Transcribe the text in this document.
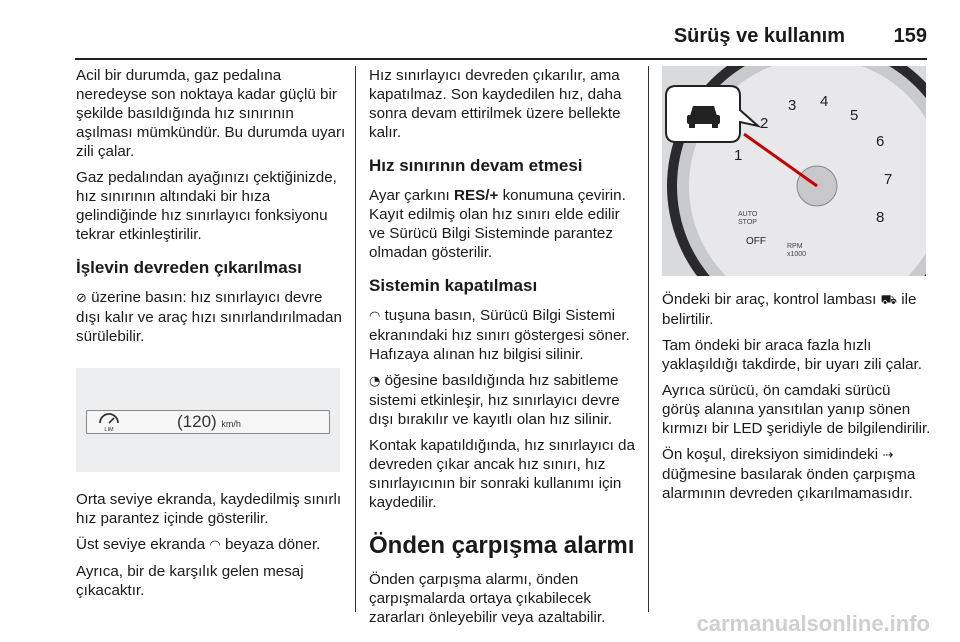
Sürüş ve kullanım 159

Acil bir durumda, gaz pedalına neredeyse son noktaya kadar güçlü bir şekilde basıldığında hız sınırının aşılması mümkündür. Bu durumda uyarı zili çalar.

Gaz pedalından ayağınızı çektiğinizde, hız sınırının altındaki bir hıza gelindiğinde hız sınırlayıcı fonksiyonu tekrar etkinleştirilir.

İşlevin devreden çıkarılması

⊘ üzerine basın: hız sınırlayıcı devre dışı kalır ve araç hızı sınırlandırılmadan sürülebilir.

LIM	(120) km/h

Orta seviye ekranda, kaydedilmiş sınırlı hız parantez içinde gösterilir.

Üst seviye ekranda ◠ beyaza döner.

Ayrıca, bir de karşılık gelen mesaj çıkacaktır.

Hız sınırlayıcı devreden çıkarılır, ama kapatılmaz. Son kaydedilen hız, daha sonra devam ettirilmek üzere bellekte kalır.

Hız sınırının devam etmesi

Ayar çarkını RES/+ konumuna çevirin. Kayıt edilmiş olan hız sınırı elde edilir ve Sürücü Bilgi Sisteminde parantez olmadan gösterilir.

Sistemin kapatılması

◠ tuşuna basın, Sürücü Bilgi Sistemi ekranındaki hız sınırı göstergesi söner. Hafızaya alınan hız bilgisi silinir.

◔ öğesine basıldığında hız sabitleme sistemi etkinleşir, hız sınırlayıcı devre dışı bırakılır ve kayıtlı olan hız silinir.

Kontak kapatıldığında, hız sınırlayıcı da devreden çıkar ancak hız sınırı, hız sınırlayıcının bir sonraki kullanımı için kaydedilir.

Önden çarpışma alarmı

Önden çarpışma alarmı, önden çarpışmalarda ortaya çıkabilecek zararları önleyebilir veya azaltabilir.

1
2
3 4
5
6
7
8
AUTO
STOP
OFF	RPM
x1000

Öndeki bir araç, kontrol lambası ⛟ ile belirtilir.

Tam öndeki bir araca fazla hızlı yaklaşıldığı takdirde, bir uyarı zili çalar.

Ayrıca sürücü, ön camdaki sürücü görüş alanına yansıtılan yanıp sönen kırmızı bir LED şeridiyle de bilgilendirilir.

Ön koşul, direksiyon simidindeki ⇢ düğmesine basılarak önden çarpışma alarmının devreden çıkarılmamasıdır.

carmanualsonline.info
